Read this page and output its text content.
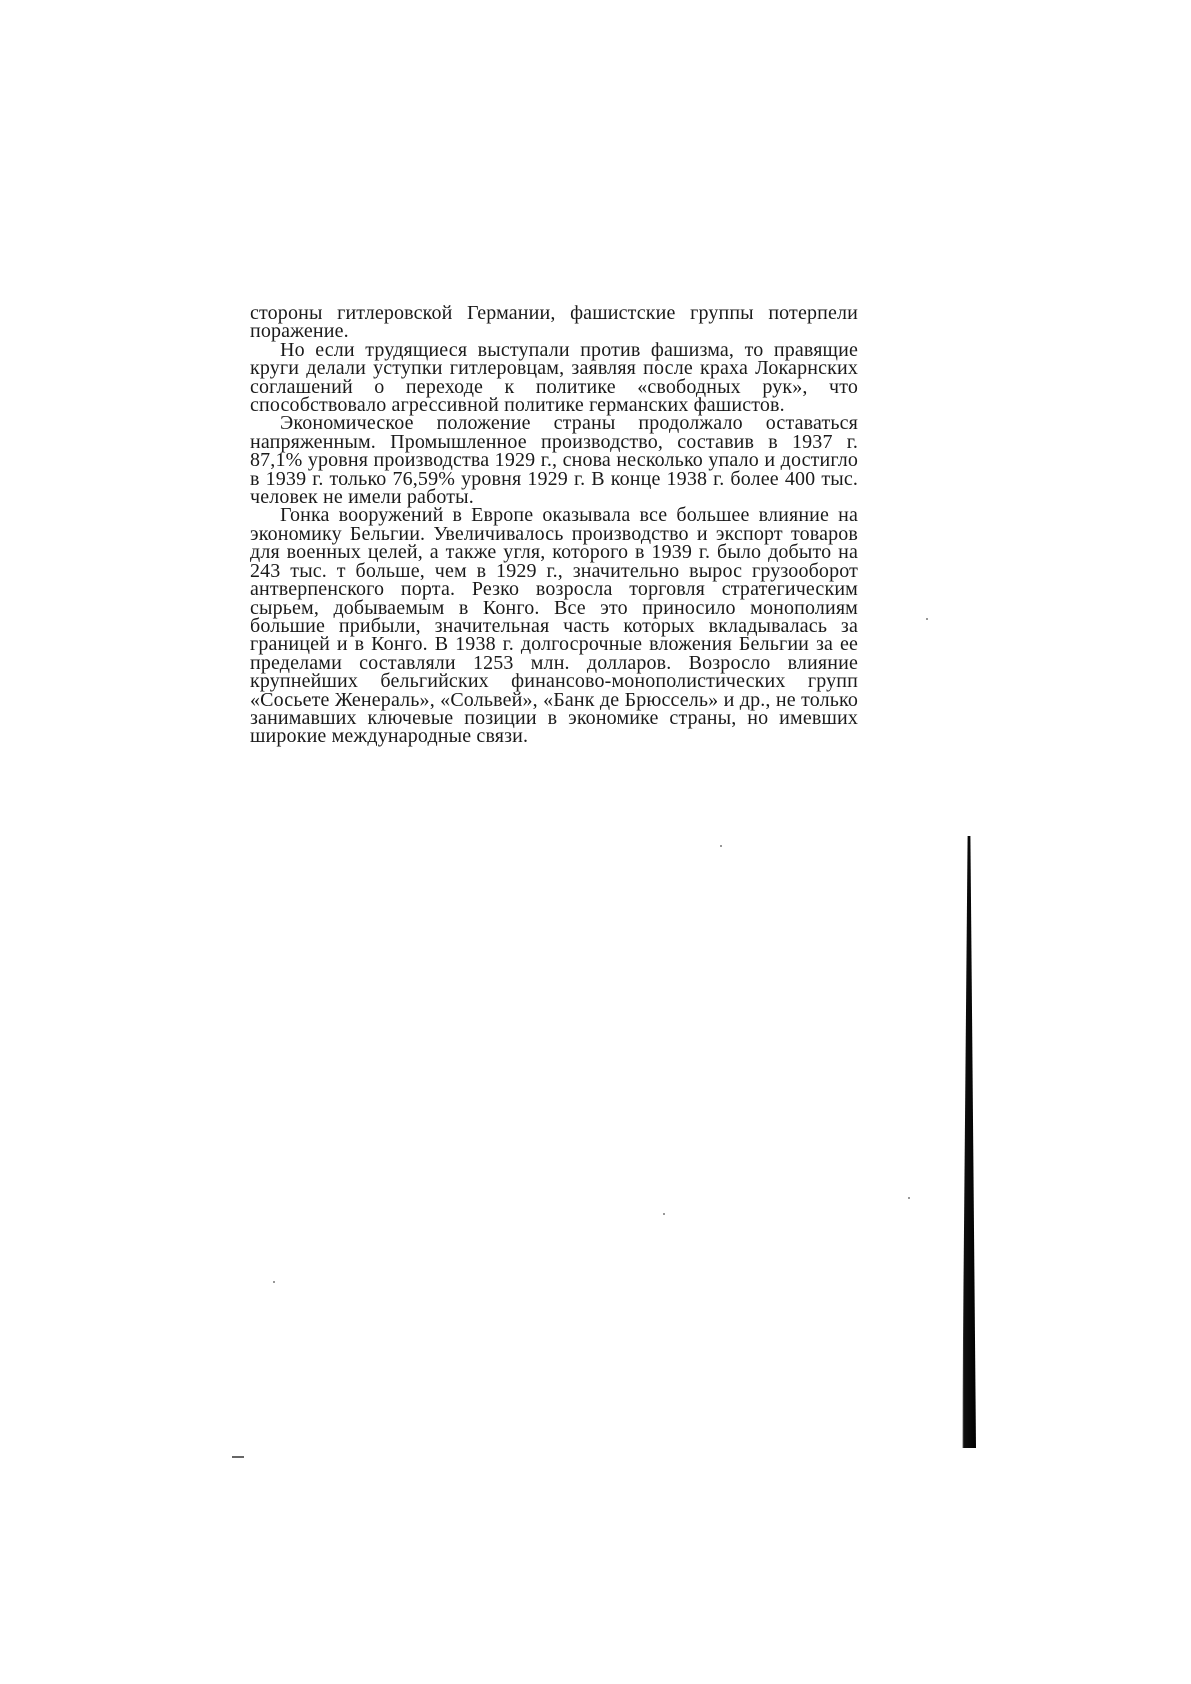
стороны гитлеровской Германии, фашистские группы потерпели поражение.

Но если трудящиеся выступали против фашизма, то правящие круги делали уступки гитлеровцам, заявляя после краха Локарнских соглашений о переходе к политике «свободных рук», что способствовало агрессивной политике германских фашистов.

Экономическое положение страны продолжало оставаться напряженным. Промышленное производство, составив в 1937 г. 87,1% уровня производства 1929 г., снова несколько упало и достигло в 1939 г. только 76,59% уровня 1929 г. В конце 1938 г. более 400 тыс. человек не имели работы.

Гонка вооружений в Европе оказывала все большее влияние на экономику Бельгии. Увеличивалось производство и экспорт товаров для военных целей, а также угля, которого в 1939 г. было добыто на 243 тыс. т больше, чем в 1929 г., значительно вырос грузооборот антверпенского порта. Резко возросла торговля стратегическим сырьем, добываемым в Конго. Все это приносило монополиям большие прибыли, значительная часть которых вкладывалась за границей и в Конго. В 1938 г. долгосрочные вложения Бельгии за ее пределами составляли 1253 млн. долларов. Возросло влияние крупнейших бельгийских финансово-монополистических групп «Сосьете Женераль», «Сольвей», «Банк де Брюссель» и др., не только занимавших ключевые позиции в экономике страны, но имевших широкие международные связи.
